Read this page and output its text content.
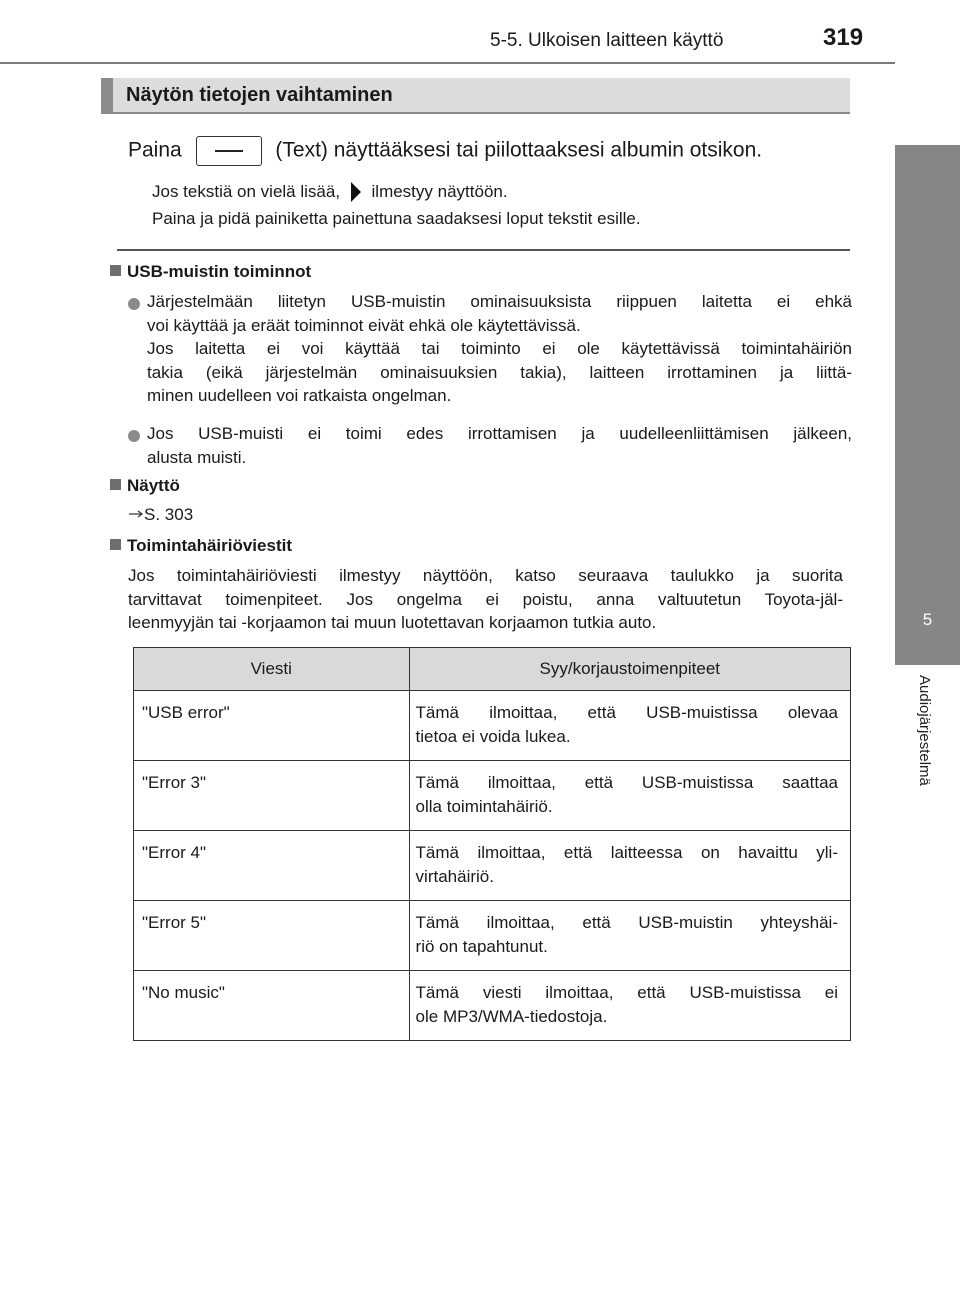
5-5. Ulkoisen laitteen käyttö	319
5
Audiojärjestelmä
Näytön tietojen vaihtaminen
Paina	(Text) näyttääksesi tai piilottaaksesi albumin otsikon.
Jos tekstiä on vielä lisää, ilmestyy näyttöön.
Paina ja pidä painiketta painettuna saadaksesi loput tekstit esille.
USB-muistin toiminnot
Järjestelmään liitetyn USB-muistin ominaisuuksista riippuen laitetta ei ehkä
voi käyttää ja eräät toiminnot eivät ehkä ole käytettävissä.
Jos laitetta ei voi käyttää tai toiminto ei ole käytettävissä toimintahäiriön
takia (eikä järjestelmän ominaisuuksien takia), laitteen irrottaminen ja liittä-
minen uudelleen voi ratkaista ongelman.
Jos USB-muisti ei toimi edes irrottamisen ja uudelleenliittämisen jälkeen,
alusta muisti.
Näyttö
S. 303
Toimintahäiriöviestit
Jos toimintahäiriöviesti ilmestyy näyttöön, katso seuraava taulukko ja suorita
tarvittavat toimenpiteet. Jos ongelma ei poistu, anna valtuutetun Toyota-jäl-
leenmyyjän tai -korjaamon tai muun luotettavan korjaamon tutkia auto.
Viesti	Syy/korjaustoimenpiteet
"USB error"	Tämä ilmoittaa, että USB-muistissa olevaa
tietoa ei voida lukea.

"Error 3"	Tämä ilmoittaa, että USB-muistissa saattaa
olla toimintahäiriö.

"Error 4"	Tämä ilmoittaa, että laitteessa on havaittu yli-
virtahäiriö.

"Error 5"	Tämä ilmoittaa, että USB-muistin yhteyshäi-
riö on tapahtunut.

"No music"	Tämä viesti ilmoittaa, että USB-muistissa ei
ole MP3/WMA-tiedostoja.
